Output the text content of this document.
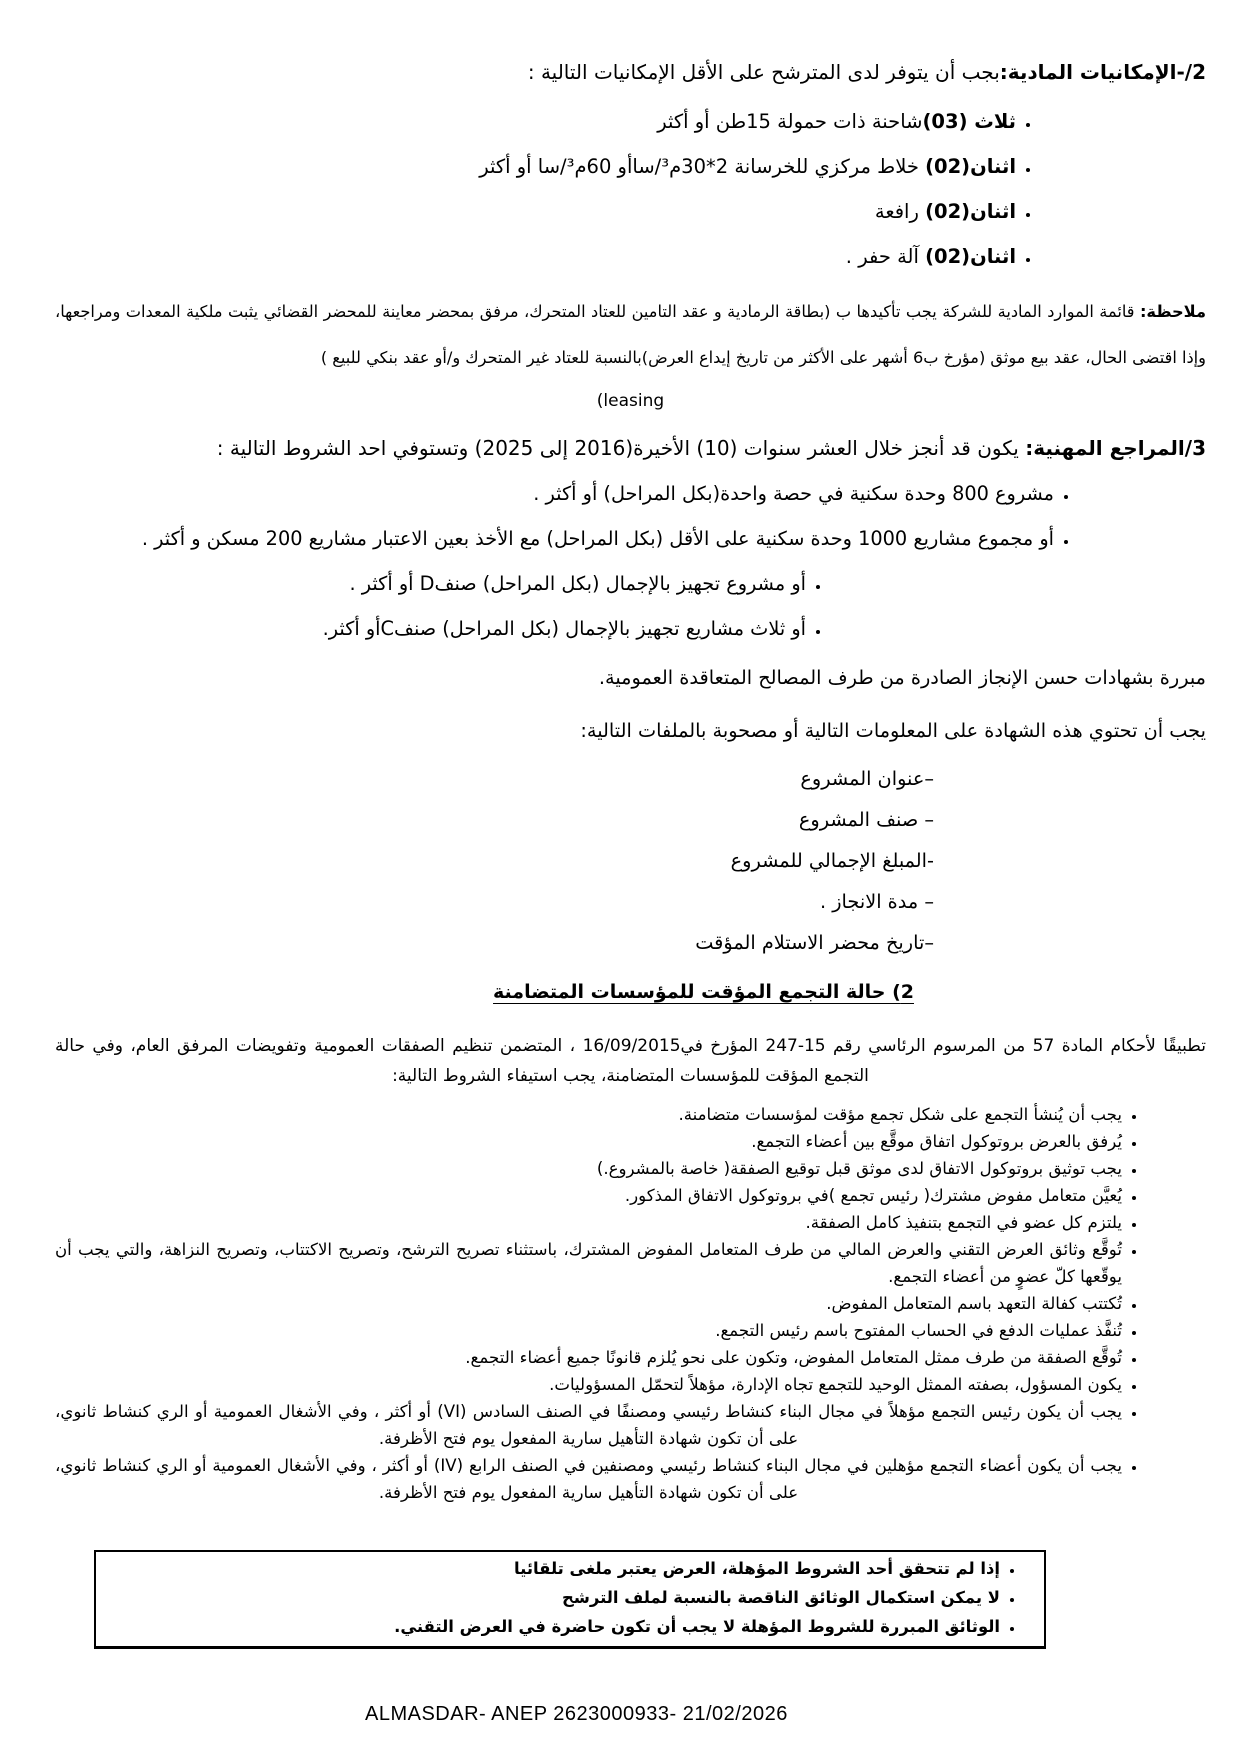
2/-الإمكانيات المادية:بجب أن يتوفر لدى المترشح على الأقل الإمكانيات التالية :

• ثلاث (03)شاحنة ذات حمولة 15طن أو أكثر
• اثنان(02) خلاط مركزي للخرسانة 2*30م³/ساأو 60م³/سا أو أكثر
• اثنان(02) رافعة
• اثنان(02) آلة حفر .

ملاحظة: قائمة الموارد المادية للشركة يجب تأكيدها ب (بطاقة الرمادية و عقد التامين للعتاد المتحرك، مرفق بمحضر معاينة للمحضر القضائي يثبت ملكية المعدات ومراجعها، وإذا اقتضى الحال، عقد بيع موثق (مؤرخ ب6 أشهر على الأكثر من تاريخ إيداع العرض)بالنسبة للعتاد غير المتحرك و/أو عقد بنكي للبيع )

(leasing

3/المراجع المهنية: يكون قد أنجز خلال العشر سنوات (10) الأخيرة(2016 إلى 2025) وتستوفي احد الشروط التالية :

• مشروع 800 وحدة سكنية في حصة واحدة(بكل المراحل) أو أكثر .
• أو مجموع مشاريع 1000 وحدة سكنية على الأقل (بكل المراحل) مع الأخذ بعين الاعتبار مشاريع 200 مسكن و أكثر .
• أو مشروع تجهيز بالإجمال (بكل المراحل) صنفD أو أكثر .
• أو ثلاث مشاريع تجهيز بالإجمال (بكل المراحل) صنفCأو أكثر.

مبررة بشهادات حسن الإنجاز الصادرة من طرف المصالح المتعاقدة العمومية.

يجب أن تحتوي هذه الشهادة على المعلومات التالية أو مصحوبة بالملفات التالية:

–عنوان المشروع

– صنف المشروع

-المبلغ الإجمالي للمشروع

– مدة الانجاز .

–تاريخ محضر الاستلام المؤقت

2) حالة التجمع المؤقت للمؤسسات المتضامنة

تطبيقًا لأحكام المادة 57 من المرسوم الرئاسي رقم 15-247 المؤرخ في16/09/2015 ، المتضمن تنظيم الصفقات العمومية وتفويضات المرفق العام، وفي حالة التجمع المؤقت للمؤسسات المتضامنة، يجب استيفاء الشروط التالية:

• يجب أن يُنشأ التجمع على شكل تجمع مؤقت لمؤسسات متضامنة.
• يُرفق بالعرض بروتوكول اتفاق موقَّع بين أعضاء التجمع.
• يجب توثيق بروتوكول الاتفاق لدى موثق قبل توقيع الصفقة( خاصة بالمشروع.)
• يُعيَّن متعامل مفوض مشترك( رئيس تجمع )في بروتوكول الاتفاق المذكور.
• يلتزم كل عضو في التجمع بتنفيذ كامل الصفقة.
• تُوقَّع وثائق العرض التقني والعرض المالي من طرف المتعامل المفوض المشترك، باستثناء تصريح الترشح، وتصريح الاكتتاب، وتصريح النزاهة، والتي يجب أن يوقّعها كلّ عضوٍ من أعضاء التجمع.
• تُكتتب كفالة التعهد باسم المتعامل المفوض.
• تُنفَّذ عمليات الدفع في الحساب المفتوح باسم رئيس التجمع.
• تُوقَّع الصفقة من طرف ممثل المتعامل المفوض، وتكون على نحو يُلزم قانونًا جميع أعضاء التجمع.
• يكون المسؤول، بصفته الممثل الوحيد للتجمع تجاه الإدارة، مؤهلاً لتحمّل المسؤوليات.
• يجب أن يكون رئيس التجمع مؤهلاً في مجال البناء كنشاط رئيسي ومصنفًا في الصنف السادس (VI) أو أكثر ، وفي الأشغال العمومية أو الري كنشاط ثانوي، على أن تكون شهادة التأهيل سارية المفعول يوم فتح الأظرفة.
• يجب أن يكون أعضاء التجمع مؤهلين في مجال البناء كنشاط رئيسي ومصنفين في الصنف الرابع (IV) أو أكثر ، وفي الأشغال العمومية أو الري كنشاط ثانوي، على أن تكون شهادة التأهيل سارية المفعول يوم فتح الأظرفة.
• إذا لم تتحقق أحد الشروط المؤهلة، العرض يعتبر ملغى تلقائيا
• لا يمكن استكمال الوثائق الناقصة بالنسبة لملف الترشح
• الوثائق المبررة للشروط المؤهلة لا يجب أن تكون حاضرة في العرض التقني.
ALMASDAR- ANEP 2623000933- 21/02/2026
